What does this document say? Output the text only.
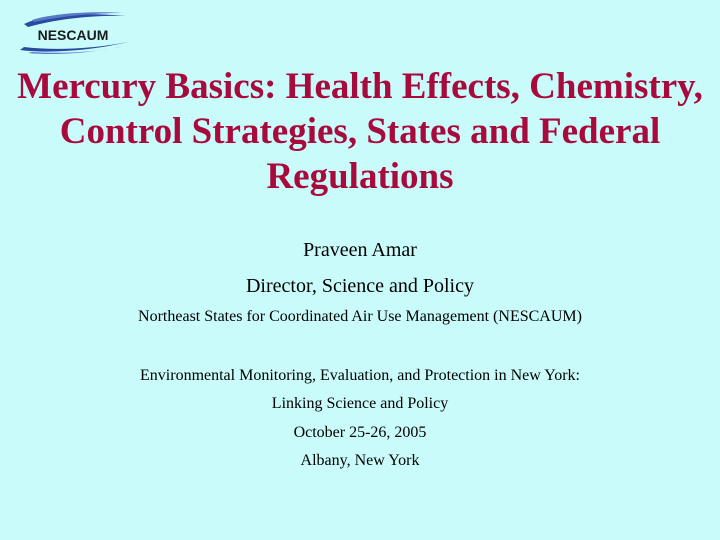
NESCAUM
Mercury Basics: Health Effects, Chemistry, Control Strategies, States and Federal Regulations

Praveen Amar

Director, Science and Policy

Northeast States for Coordinated Air Use Management (NESCAUM)

Environmental Monitoring, Evaluation, and Protection in New York:

Linking Science and Policy

October 25-26, 2005

Albany, New York
